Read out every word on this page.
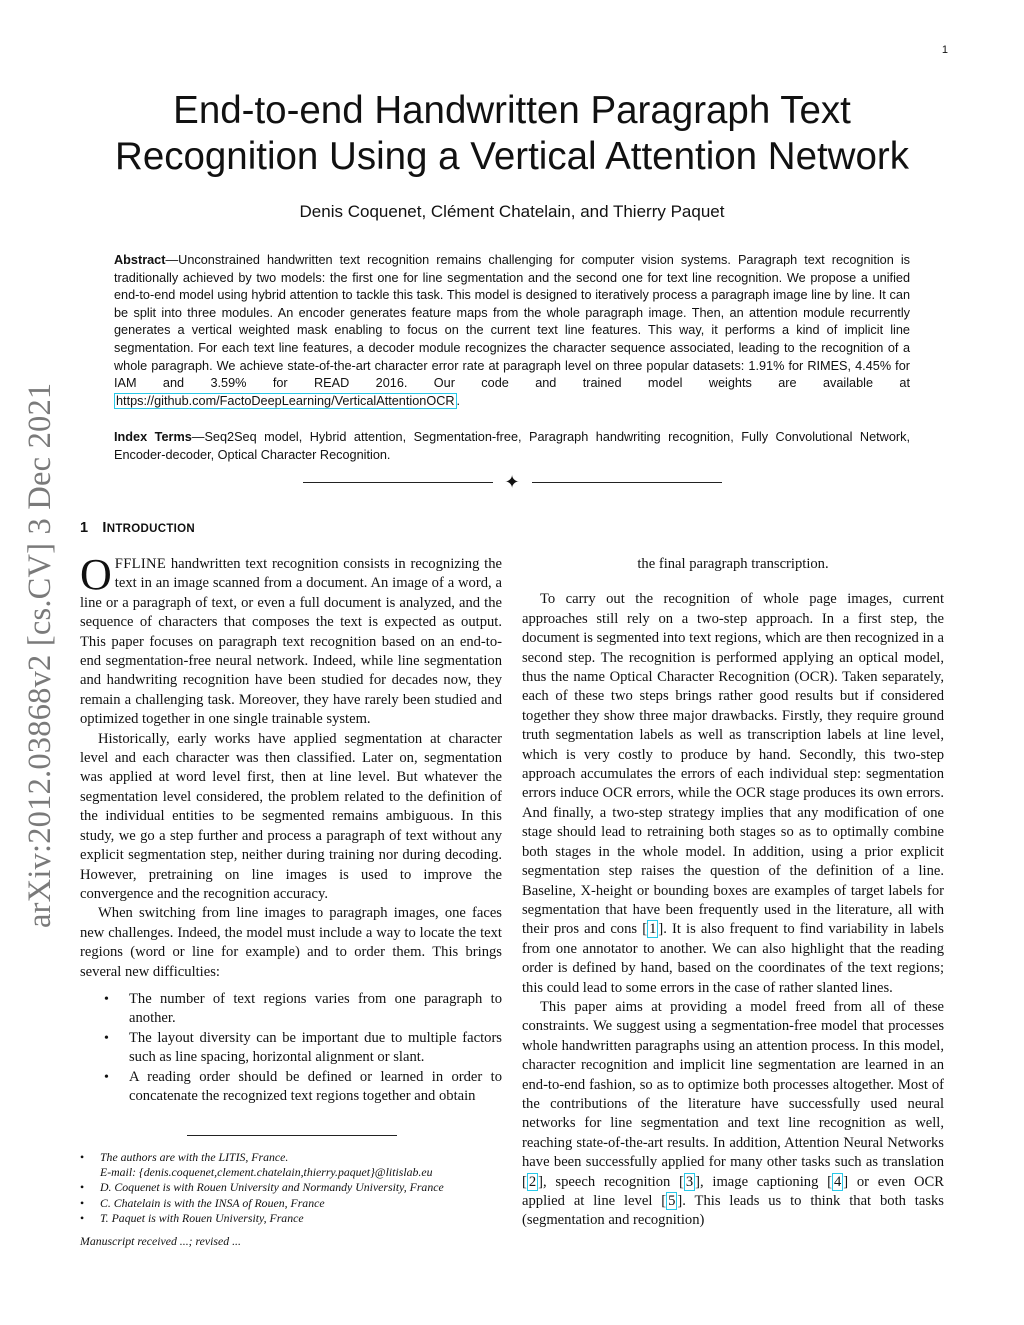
1
End-to-end Handwritten Paragraph Text
Recognition Using a Vertical Attention Network
Denis Coquenet, Clément Chatelain, and Thierry Paquet
Abstract—Unconstrained handwritten text recognition remains challenging for computer vision systems. Paragraph text recognition is traditionally achieved by two models: the first one for line segmentation and the second one for text line recognition. We propose a unified end-to-end model using hybrid attention to tackle this task. This model is designed to iteratively process a paragraph image line by line. It can be split into three modules. An encoder generates feature maps from the whole paragraph image. Then, an attention module recurrently generates a vertical weighted mask enabling to focus on the current text line features. This way, it performs a kind of implicit line segmentation. For each text line features, a decoder module recognizes the character sequence associated, leading to the recognition of a whole paragraph. We achieve state-of-the-art character error rate at paragraph level on three popular datasets: 1.91% for RIMES, 4.45% for IAM and 3.59% for READ 2016. Our code and trained model weights are available at https://github.com/FactoDeepLearning/VerticalAttentionOCR .
Index Terms—Seq2Seq model, Hybrid attention, Segmentation-free, Paragraph handwriting recognition, Fully Convolutional Network, Encoder-decoder, Optical Character Recognition.
✦
arXiv:2012.03868v2 [cs.CV] 3 Dec 2021 1 INTRODUCTION

OFFLINE handwritten text recognition consists in recognizing the text in an image scanned from a document. An image of a word, a line or a paragraph of text, or even a full document is analyzed, and the sequence of characters that composes the text is expected as output. This paper focuses on paragraph text recognition based on an end-to-end segmentation-free neural network. Indeed, while line segmentation and handwriting recognition have been studied for decades now, they remain a challenging task. Moreover, they have rarely been studied and optimized together in one single trainable system.

Historically, early works have applied segmentation at character level and each character was then classified. Later on, segmentation was applied at word level first, then at line level. But whatever the segmentation level considered, the problem related to the definition of the individual entities to be segmented remains ambiguous. In this study, we go a step further and process a paragraph of text without any explicit segmentation step, neither during training nor during decoding. However, pretraining on line images is used to improve the convergence and the recognition accuracy.

When switching from line images to paragraph images, one faces new challenges. Indeed, the model must include a way to locate the text regions (word or line for example) and to order them. This brings several new difficulties:

• The number of text regions varies from one paragraph to another.
• The layout diversity can be important due to multiple factors such as line spacing, horizontal alignment or slant.
• A reading order should be defined or learned in order to concatenate the recognized text regions together and obtain
• The authors are with the LITIS, France.
E-mail: {denis.coquenet,clement.chatelain,thierry.paquet}@litislab.eu
• D. Coquenet is with Rouen University and Normandy University, France
• C. Chatelain is with the INSA of Rouen, France
• T. Paquet is with Rouen University, France
Manuscript received ...; revised ...

the final paragraph transcription.

To carry out the recognition of whole page images, current approaches still rely on a two-step approach. In a first step, the document is segmented into text regions, which are then recognized in a second step. The recognition is performed applying an optical model, thus the name Optical Character Recognition (OCR). Taken separately, each of these two steps brings rather good results but if considered together they show three major drawbacks. Firstly, they require ground truth segmentation labels as well as transcription labels at line level, which is very costly to produce by hand. Secondly, this two-step approach accumulates the errors of each individual step: segmentation errors induce OCR errors, while the OCR stage produces its own errors. And finally, a two-step strategy implies that any modification of one stage should lead to retraining both stages so as to optimally combine both stages in the whole model. In addition, using a prior explicit segmentation step raises the question of the definition of a line. Baseline, X-height or bounding boxes are examples of target labels for segmentation that have been frequently used in the literature, all with their pros and cons [ 1 ]. It is also frequent to find variability in labels from one annotator to another. We can also highlight that the reading order is defined by hand, based on the coordinates of the text regions; this could lead to some errors in the case of rather slanted lines.

This paper aims at providing a model freed from all of these constraints. We suggest using a segmentation-free model that processes whole handwritten paragraphs using an attention process. In this model, character recognition and implicit line segmentation are learned in an end-to-end fashion, so as to optimize both processes altogether. Most of the contributions of the literature have successfully used neural networks for line segmentation and text line recognition as well, reaching state-of-the-art results. In addition, Attention Neural Networks have been successfully applied for many other tasks such as translation [ 2 ], speech recognition [ 3 ], image captioning [ 4 ] or even OCR applied at line level [ 5 ]. This leads us to think that both tasks (segmentation and recognition)
